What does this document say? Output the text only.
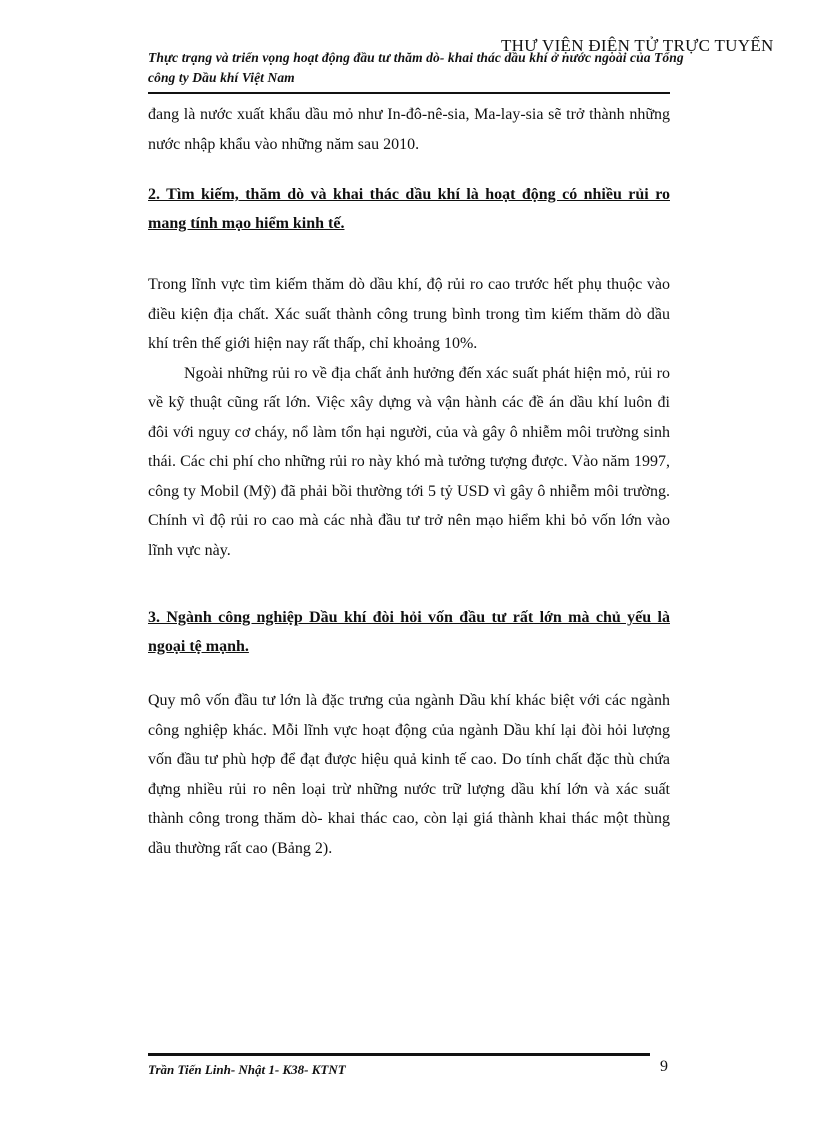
Thực trạng và triển vọng hoạt động đầu tư thăm dò- khai thác dầu khí ở nước ngoài của Tổng công ty Dầu khí Việt Nam
THƯ VIỆN ĐIỆN TỬ TRỰC TUYẾN

đang là nước xuất khẩu dầu mỏ như In-đô-nê-sia, Ma-lay-sia sẽ trở thành những nước nhập khẩu vào những năm sau 2010.

2. Tìm kiếm, thăm dò và khai thác dầu khí là hoạt động có nhiều rủi ro mang tính mạo hiểm kinh tế.

Trong lĩnh vực tìm kiếm thăm dò dầu khí, độ rủi ro cao trước hết phụ thuộc vào điều kiện địa chất. Xác suất thành công trung bình trong tìm kiếm thăm dò dầu khí trên thế giới hiện nay rất thấp, chỉ khoảng 10%.

Ngoài những rủi ro về địa chất ảnh hưởng đến xác suất phát hiện mỏ, rủi ro về kỹ thuật cũng rất lớn. Việc xây dựng và vận hành các đề án dầu khí luôn đi đôi với nguy cơ cháy, nổ làm tổn hại người, của và gây ô nhiễm môi trường sinh thái. Các chi phí cho những rủi ro này khó mà tưởng tượng được. Vào năm 1997, công ty Mobil (Mỹ) đã phải bồi thường tới 5 tỷ USD vì gây ô nhiễm môi trường. Chính vì độ rủi ro cao mà các nhà đầu tư trở nên mạo hiểm khi bỏ vốn lớn vào lĩnh vực này.

3. Ngành công nghiệp Dầu khí đòi hỏi vốn đầu tư rất lớn mà chủ yếu là ngoại tệ mạnh.

Quy mô vốn đầu tư lớn là đặc trưng của ngành Dầu khí khác biệt với các ngành công nghiệp khác. Mỗi lĩnh vực hoạt động của ngành Dầu khí lại đòi hỏi lượng vốn đầu tư phù hợp để đạt được hiệu quả kinh tế cao. Do tính chất đặc thù chứa đựng nhiều rủi ro nên loại trừ những nước trữ lượng dầu khí lớn và xác suất thành công trong thăm dò- khai thác cao, còn lại giá thành khai thác một thùng dầu thường rất cao (Bảng 2).

Trần Tiến Linh- Nhật 1- K38- KTNT	9
